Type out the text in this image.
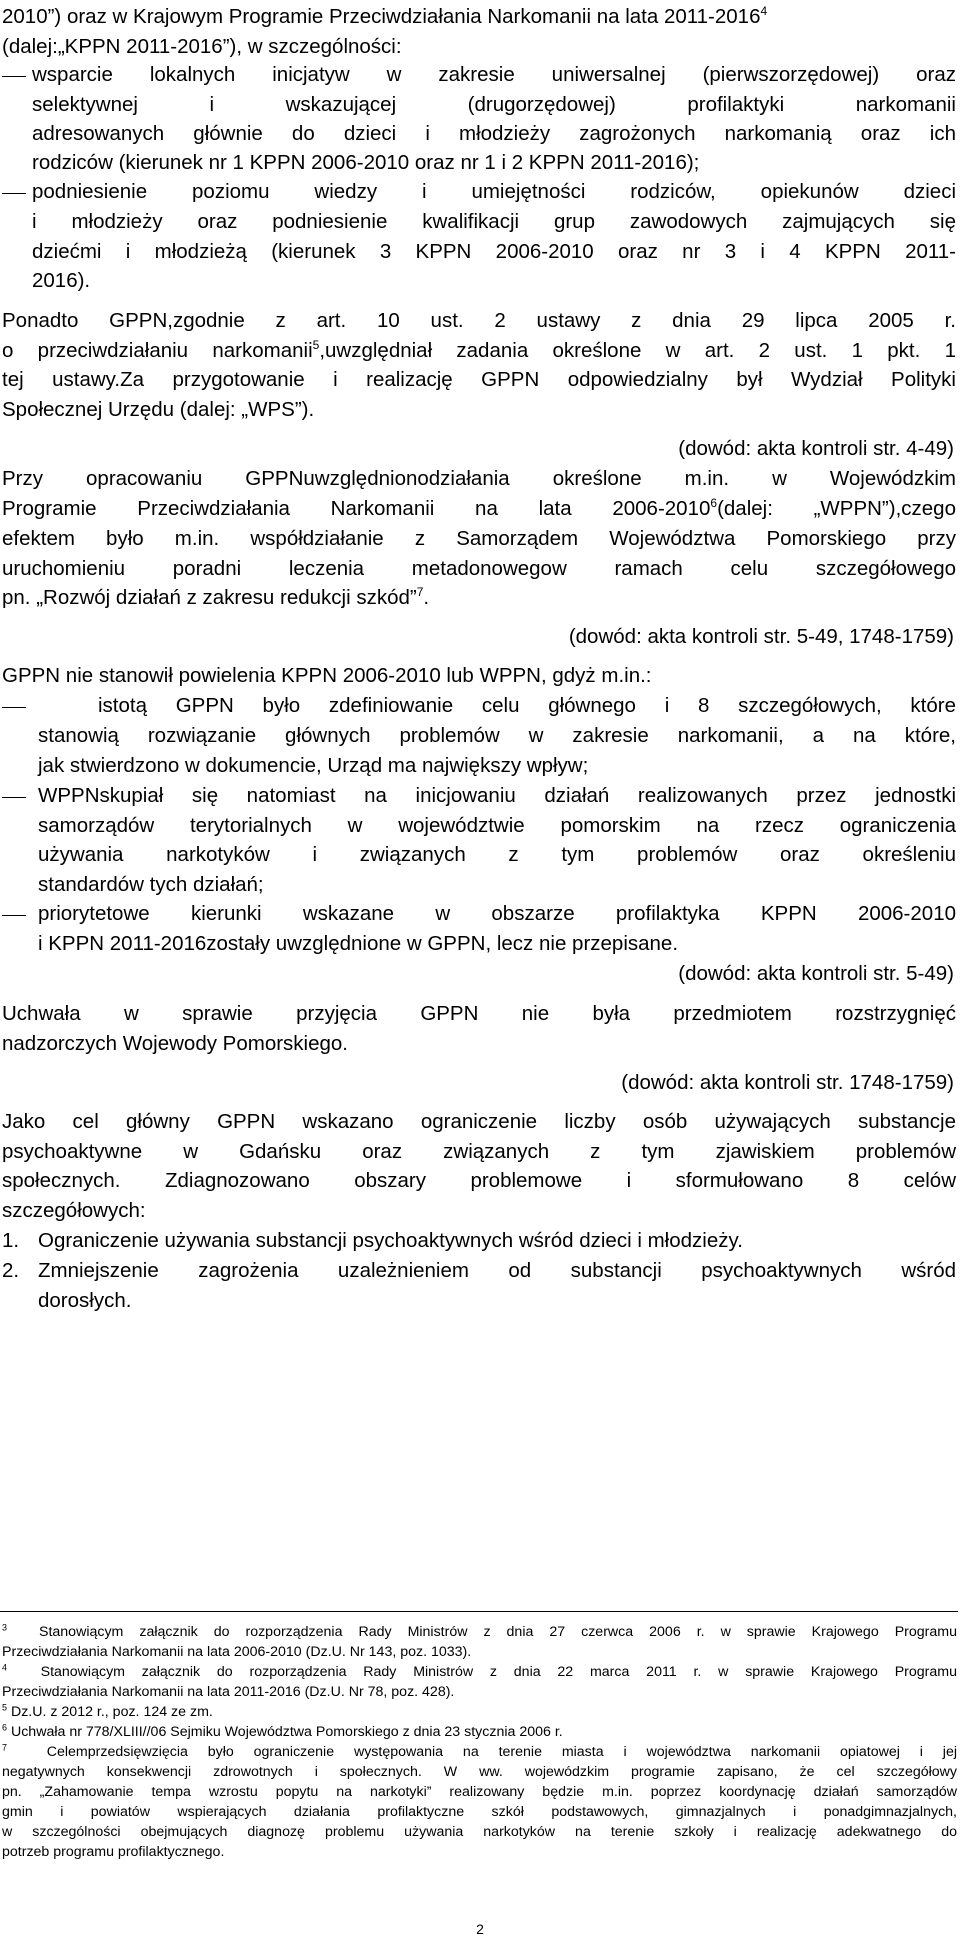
2010”) oraz w Krajowym Programie Przeciwdziałania Narkomanii na lata 2011-2016$^4$
(dalej:„KPPN 2011-2016”), w szczególności:
wsparcie lokalnych inicjatyw w zakresie uniwersalnej (pierwszorzędowej) oraz
selektywnej i wskazującej (drugorzędowej) profilaktyki narkomanii
adresowanych głównie do dzieci i młodzieży zagrożonych narkomanią oraz ich
rodziców (kierunek nr 1 KPPN 2006-2010 oraz nr 1 i 2 KPPN 2011-2016);
podniesienie poziomu wiedzy i umiejętności rodziców, opiekunów dzieci
i młodzieży oraz podniesienie kwalifikacji grup zawodowych zajmujących się
dziećmi i młodzieżą (kierunek 3 KPPN 2006-2010 oraz nr 3 i 4 KPPN 2011-
2016).
Ponadto GPPN,zgodnie z art. 10 ust. 2 ustawy z dnia 29 lipca 2005 r.
o przeciwdziałaniu narkomanii$^5$,uwzględniał zadania określone w art. 2 ust. 1 pkt. 1
tej ustawy.Za przygotowanie i realizację GPPN odpowiedzialny był Wydział Polityki
Społecznej Urzędu (dalej: „WPS”).
(dowód: akta kontroli str. 4-49)
Przy opracowaniu GPPNuwzględnionodziałania określone m.in. w Wojewódzkim
Programie Przeciwdziałania Narkomanii na lata 2006-2010$^6$(dalej: „WPPN”),czego
efektem było m.in. współdziałanie z Samorządem Województwa Pomorskiego przy
uruchomieniu poradni leczenia metadonowegow ramach celu szczegółowego
pn. „Rozwój działań z zakresu redukcji szkód”$^7$.
(dowód: akta kontroli str. 5-49, 1748-1759)
GPPN nie stanowił powielenia KPPN 2006-2010 lub WPPN, gdyż m.in.:
istotą GPPN było zdefiniowanie celu głównego i 8 szczegółowych, które
stanowią rozwiązanie głównych problemów w zakresie narkomanii, a na które,
jak stwierdzono w dokumencie, Urząd ma największy wpływ;
WPPNskupiał się natomiast na inicjowaniu działań realizowanych przez jednostki
samorządów terytorialnych w województwie pomorskim na rzecz ograniczenia
używania narkotyków i związanych z tym problemów oraz określeniu
standardów tych działań;
priorytetowe kierunki wskazane w obszarze profilaktyka KPPN 2006-2010
i KPPN 2011-2016zostały uwzględnione w GPPN, lecz nie przepisane.
(dowód: akta kontroli str. 5-49)
Uchwała w sprawie przyjęcia GPPN nie była przedmiotem rozstrzygnięć
nadzorczych Wojewody Pomorskiego.
(dowód: akta kontroli str. 1748-1759)
Jako cel główny GPPN wskazano ograniczenie liczby osób używających substancje
psychoaktywne w Gdańsku oraz związanych z tym zjawiskiem problemów
społecznych. Zdiagnozowano obszary problemowe i sformułowano 8 celów
szczegółowych:
1. Ograniczenie używania substancji psychoaktywnych wśród dzieci i młodzieży.
2. Zmniejszenie zagrożenia uzależnieniem od substancji psychoaktywnych wśród
dorosłych.
$^3$ Stanowiącym załącznik do rozporządzenia Rady Ministrów z dnia 27 czerwca 2006 r. w sprawie Krajowego Programu
Przeciwdziałania Narkomanii na lata 2006-2010 (Dz.U. Nr 143, poz. 1033).
$^4$ Stanowiącym załącznik do rozporządzenia Rady Ministrów z dnia 22 marca 2011 r. w sprawie Krajowego Programu
Przeciwdziałania Narkomanii na lata 2011-2016 (Dz.U. Nr 78, poz. 428).
$^5$ Dz.U. z 2012 r., poz. 124 ze zm.
$^6$ Uchwała nr 778/XLIII//06 Sejmiku Województwa Pomorskiego z dnia 23 stycznia 2006 r.
$^7$	Celemprzedsięwzięcia było ograniczenie występowania na terenie miasta i województwa narkomanii opiatowej i jej
negatywnych konsekwencji zdrowotnych i społecznych. W ww. wojewódzkim programie zapisano, że cel szczegółowy
pn. „Zahamowanie tempa wzrostu popytu na narkotyki” realizowany będzie m.in. poprzez koordynację działań samorządów
gmin i powiatów wspierających działania profilaktyczne szkół podstawowych, gimnazjalnych i ponadgimnazjalnych,
w szczególności obejmujących diagnozę problemu używania narkotyków na terenie szkoły i realizację adekwatnego do
potrzeb programu profilaktycznego.
2
